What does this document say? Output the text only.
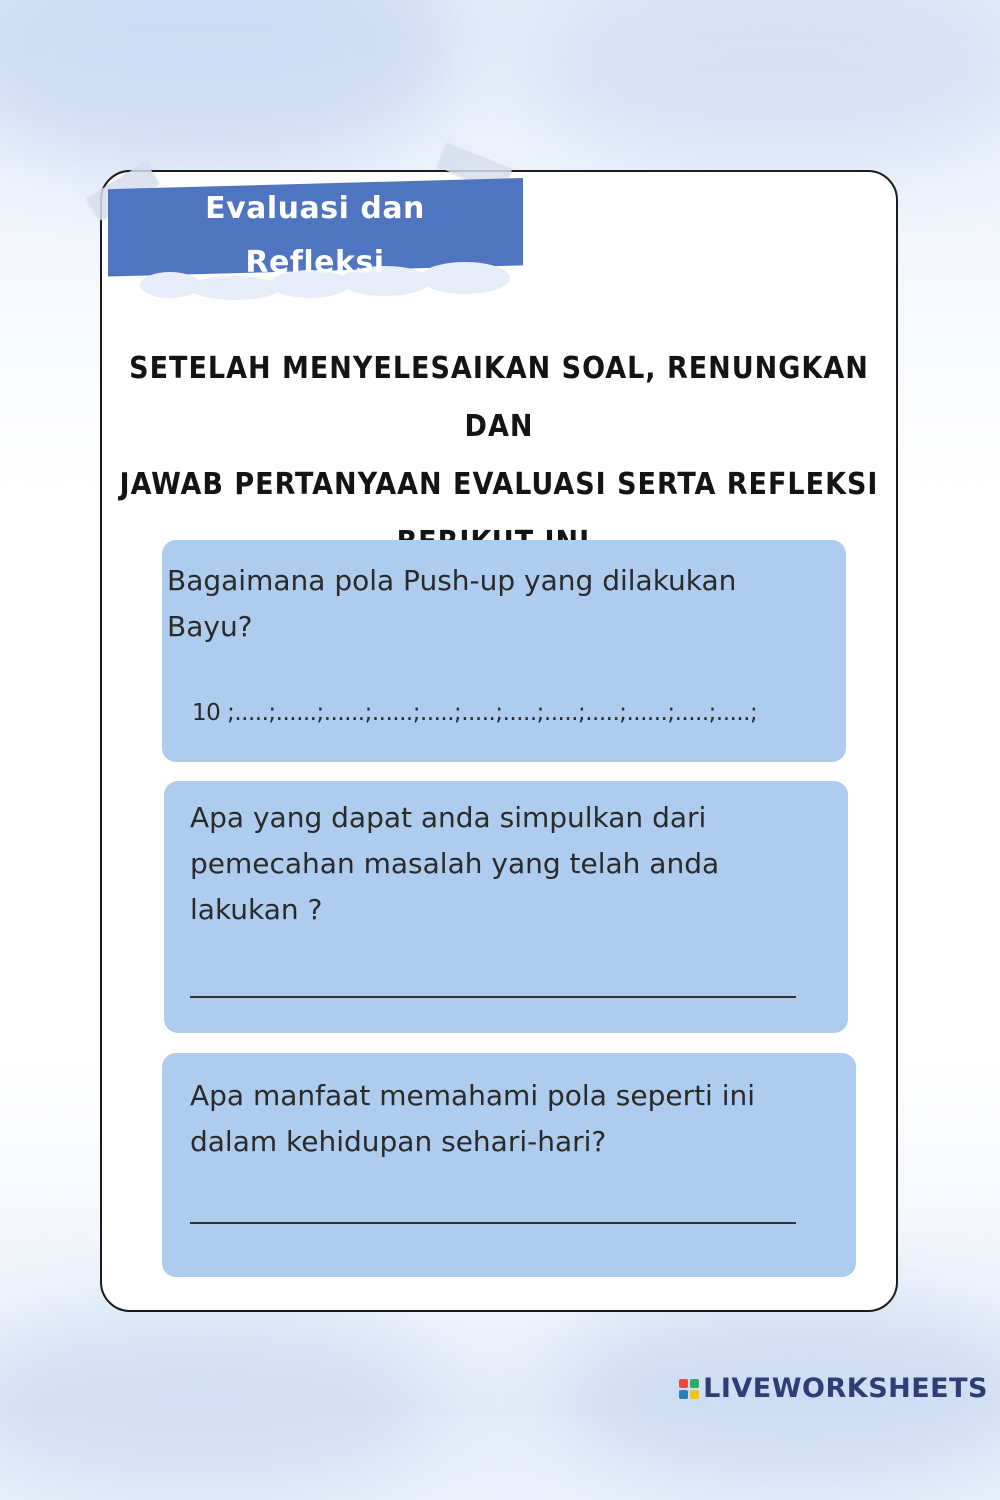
Evaluasi dan
Refleksi
SETELAH MENYELESAIKAN SOAL, RENUNGKAN DAN
JAWAB PERTANYAAN EVALUASI SERTA REFLEKSI
Bagaimana pola Push-up yang dilakukan
Bayu?
10 ;.....;......;......;......;.....;.....;.....;.....;.....;......;.....;.....;
Apa yang dapat anda simpulkan dari
pemecahan masalah yang telah anda
lakukan ?
Apa manfaat memahami pola seperti ini
dalam kehidupan sehari-hari?
LIVEWORKSHEETS
